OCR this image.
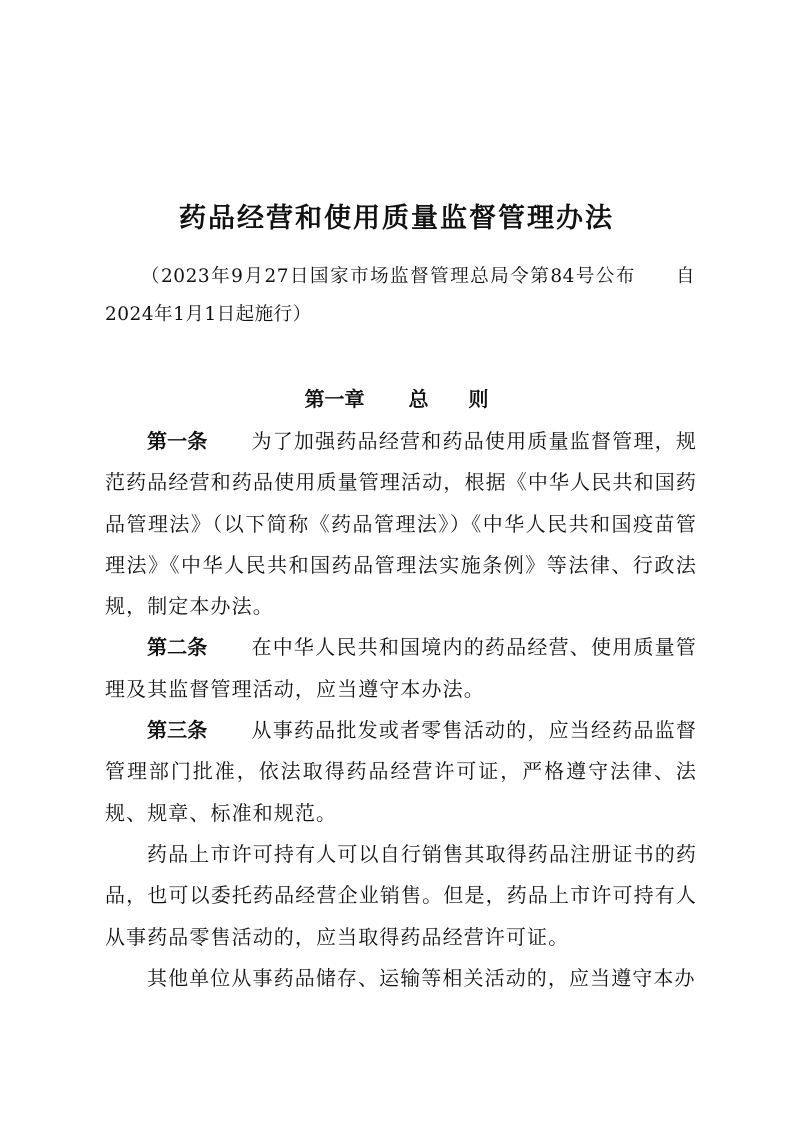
药品经营和使用质量监督管理办法

（2023年9月27日国家市场监督管理总局令第84号公布　　自2024年1月1日起施行）

第一章 总　　则

第一条 为了加强药品经营和药品使用质量监督管理，规范药品经营和药品使用质量管理活动，根据《中华人民共和国药品管理法》（以下简称《药品管理法》）《中华人民共和国疫苗管理法》《中华人民共和国药品管理法实施条例》等法律、行政法规，制定本办法。

第二条 在中华人民共和国境内的药品经营、使用质量管理及其监督管理活动，应当遵守本办法。

第三条 从事药品批发或者零售活动的，应当经药品监督管理部门批准，依法取得药品经营许可证，严格遵守法律、法规、规章、标准和规范。

药品上市许可持有人可以自行销售其取得药品注册证书的药品，也可以委托药品经营企业销售。但是，药品上市许可持有人从事药品零售活动的，应当取得药品经营许可证。

其他单位从事药品储存、运输等相关活动的，应当遵守本办
